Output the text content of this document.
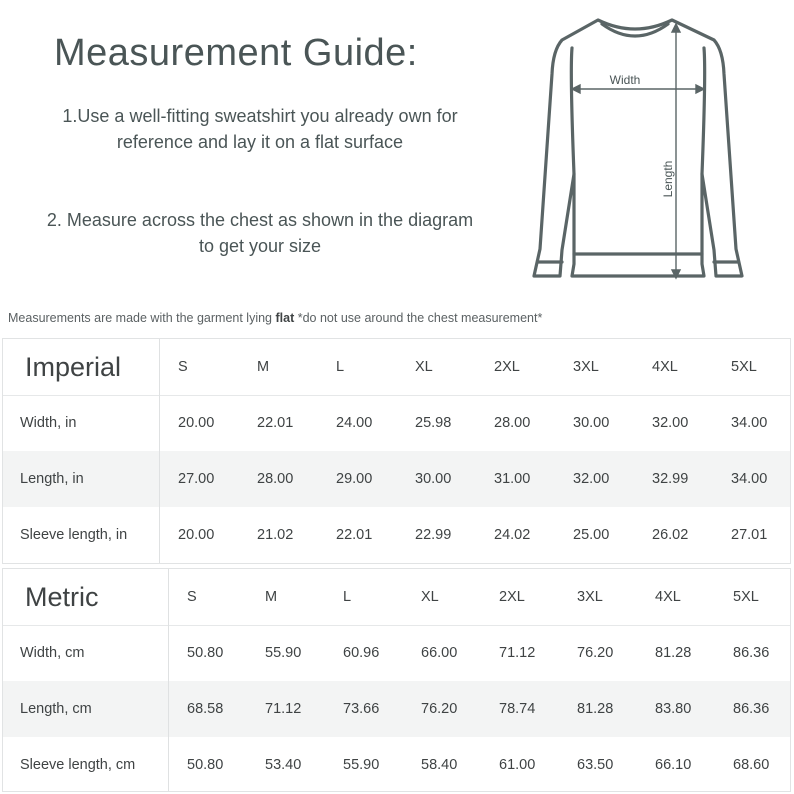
Measurement Guide:
1.Use a well-fitting sweatshirt you already own for reference and lay it on a flat surface
2. Measure across the chest as shown in the diagram to get your size
Width
Length
Measurements are made with the garment lying flat *do not use around the chest measurement*
Imperial	S	M	L	XL	2XL	3XL	4XL	5XL
Width, in	20.00	22.01	24.00	25.98	28.00	30.00	32.00	34.00
Length, in	27.00	28.00	29.00	30.00	31.00	32.00	32.99	34.00
Sleeve length, in	20.00	21.02	22.01	22.99	24.02	25.00	26.02	27.01
Metric	S	M	L	XL	2XL	3XL	4XL	5XL
Width, cm	50.80	55.90	60.96	66.00	71.12	76.20	81.28	86.36
Length, cm	68.58	71.12	73.66	76.20	78.74	81.28	83.80	86.36
Sleeve length, cm	50.80	53.40	55.90	58.40	61.00	63.50	66.10	68.60
